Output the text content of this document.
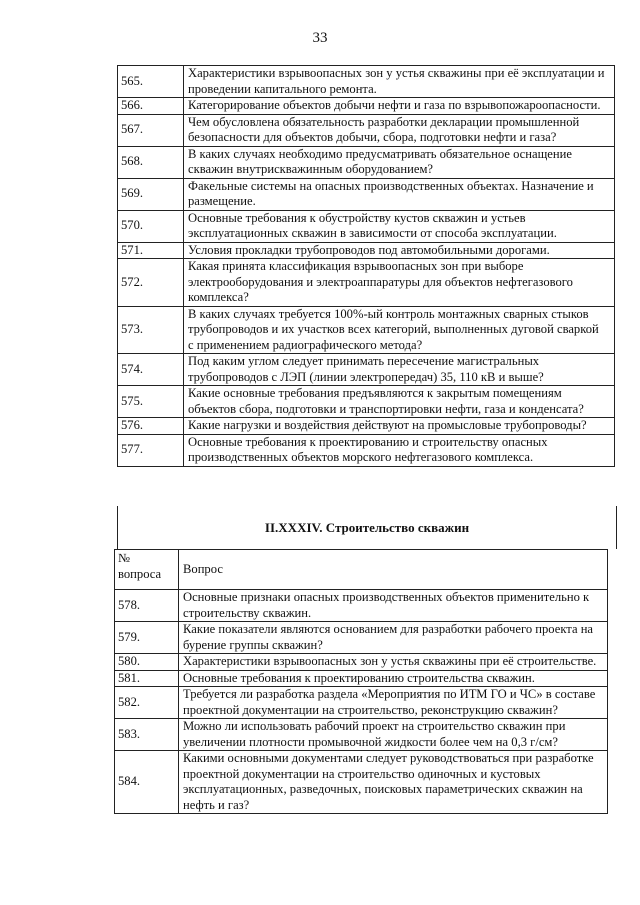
33
565.	Характеристики взрывоопасных зон у устья скважины при её эксплуатации и
проведении капитального ремонта.

566.	Категорирование объектов добычи нефти и газа по взрывопожароопасности.

567.	Чем обусловлена обязательность разработки декларации промышленной
безопасности для объектов добычи, сбора, подготовки нефти и газа?

568.	В каких случаях необходимо предусматривать обязательное оснащение
скважин внутрискважинным оборудованием?

569.	Факельные системы на опасных производственных объектах. Назначение и
размещение.

570.	Основные требования к обустройству кустов скважин и устьев
эксплуатационных скважин в зависимости от способа эксплуатации.

571.	Условия прокладки трубопроводов под автомобильными дорогами.

572.	Какая принята классификация взрывоопасных зон при выборе
электрооборудования и электроаппаратуры для объектов нефтегазового
комплекса?

573.	В каких случаях требуется 100%-ый контроль монтажных сварных стыков
трубопроводов и их участков всех категорий, выполненных дуговой сваркой
с применением радиографического метода?

574.	Под каким углом следует принимать пересечение магистральных
трубопроводов с ЛЭП (линии электропередач) 35, 110 кВ и выше?

575.	Какие основные требования предъявляются к закрытым помещениям
объектов сбора, подготовки и транспортировки нефти, газа и конденсата?

576.	Какие нагрузки и воздействия действуют на промысловые трубопроводы?

577.	Основные требования к проектированию и строительству опасных
производственных объектов морского нефтегазового комплекса.
II.XXXIV. Строительство скважин
№
вопроса	Вопрос
578.	Основные признаки опасных производственных объектов применительно к
строительству скважин.

579.	Какие показатели являются основанием для разработки рабочего проекта на
бурение группы скважин?

580.	Характеристики взрывоопасных зон у устья скважины при её строительстве.

581.	Основные требования к проектированию строительства скважин.

582.	Требуется ли разработка раздела «Мероприятия по ИТМ ГО и ЧС» в составе
проектной документации на строительство, реконструкцию скважин?

583.	Можно ли использовать рабочий проект на строительство скважин при
увеличении плотности промывочной жидкости более чем на 0,3 г/см?

584.	Какими основными документами следует руководствоваться при разработке
проектной документации на строительство одиночных и кустовых
эксплуатационных, разведочных, поисковых параметрических скважин на
нефть и газ?
